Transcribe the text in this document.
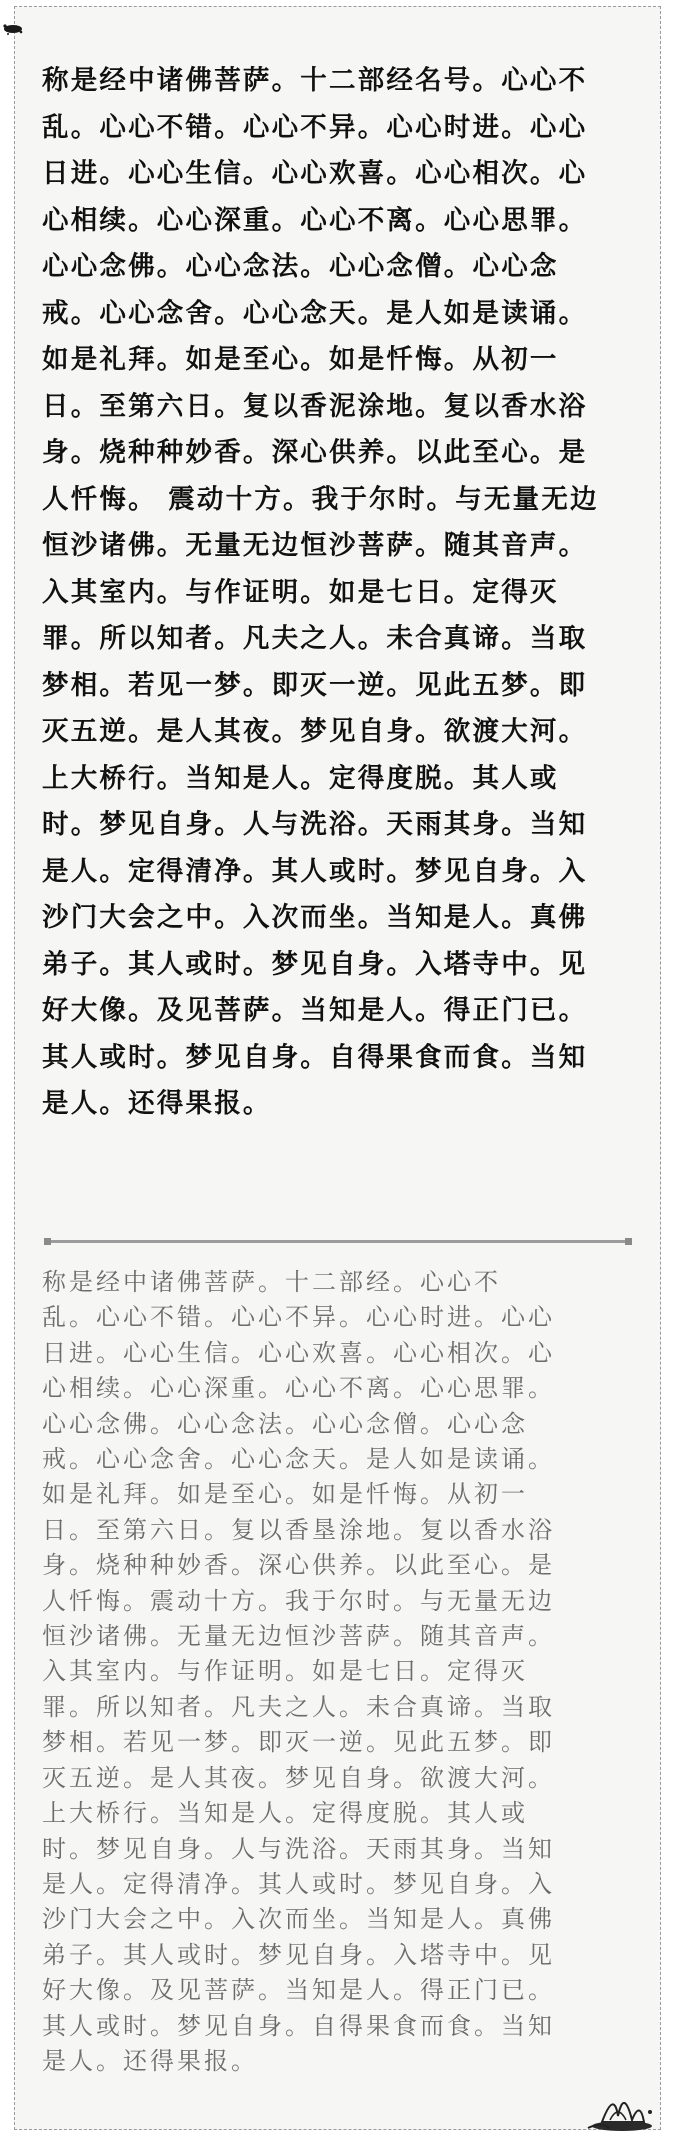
称是经中诸佛菩萨。十二部经名号。心心不
乱。心心不错。心心不异。心心时进。心心
日进。心心生信。心心欢喜。心心相次。心
心相续。心心深重。心心不离。心心思罪。
心心念佛。心心念法。心心念僧。心心念
戒。心心念舍。心心念天。是人如是读诵。
如是礼拜。如是至心。如是忏悔。从初一
日。至第六日。复以香泥涂地。复以香水浴
身。烧种种妙香。深心供养。以此至心。是
人忏悔。 震动十方。我于尔时。与无量无边
恒沙诸佛。无量无边恒沙菩萨。随其音声。
入其室内。与作证明。如是七日。定得灭
罪。所以知者。凡夫之人。未合真谛。当取
梦相。若见一梦。即灭一逆。见此五梦。即
灭五逆。是人其夜。梦见自身。欲渡大河。
上大桥行。当知是人。定得度脱。其人或
时。梦见自身。人与洗浴。天雨其身。当知
是人。定得清净。其人或时。梦见自身。入
沙门大会之中。入次而坐。当知是人。真佛
弟子。其人或时。梦见自身。入塔寺中。见
好大像。及见菩萨。当知是人。得正门已。
其人或时。梦见自身。自得果食而食。当知
是人。还得果报。

称是经中诸佛菩萨。十二部经。心心不
乱。心心不错。心心不异。心心时进。心心
日进。心心生信。心心欢喜。心心相次。心
心相续。心心深重。心心不离。心心思罪。
心心念佛。心心念法。心心念僧。心心念
戒。心心念舍。心心念天。是人如是读诵。
如是礼拜。如是至心。如是忏悔。从初一
日。至第六日。复以香垦涂地。复以香水浴
身。烧种种妙香。深心供养。以此至心。是
人忏悔。震动十方。我于尔时。与无量无边
恒沙诸佛。无量无边恒沙菩萨。随其音声。
入其室内。与作证明。如是七日。定得灭
罪。所以知者。凡夫之人。未合真谛。当取
梦相。若见一梦。即灭一逆。见此五梦。即
灭五逆。是人其夜。梦见自身。欲渡大河。
上大桥行。当知是人。定得度脱。其人或
时。梦见自身。人与洗浴。天雨其身。当知
是人。定得清净。其人或时。梦见自身。入
沙门大会之中。入次而坐。当知是人。真佛
弟子。其人或时。梦见自身。入塔寺中。见
好大像。及见菩萨。当知是人。得正门已。
其人或时。梦见自身。自得果食而食。当知
是人。还得果报。
